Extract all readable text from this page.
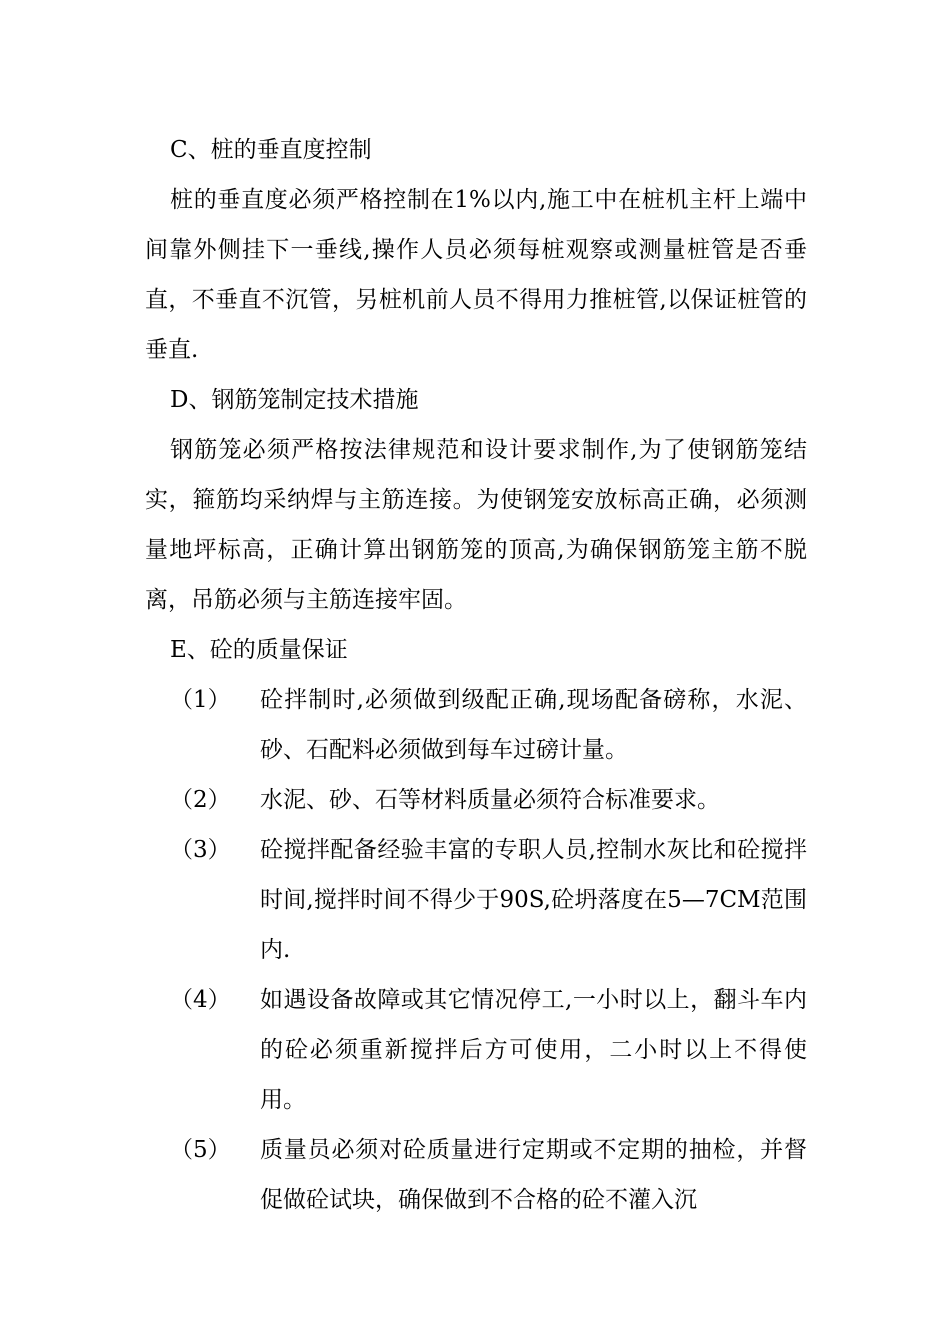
C、桩的垂直度控制

桩的垂直度必须严格控制在1%以内,施工中在桩机主杆上端中间靠外侧挂下一垂线,操作人员必须每桩观察或测量桩管是否垂直，不垂直不沉管，另桩机前人员不得用力推桩管,以保证桩管的垂直.

D、钢筋笼制定技术措施

钢筋笼必须严格按法律规范和设计要求制作,为了使钢筋笼结实，箍筋均采纳焊与主筋连接。为使钢笼安放标高正确，必须测量地坪标高，正确计算出钢筋笼的顶高,为确保钢筋笼主筋不脱离，吊筋必须与主筋连接牢固。

E、砼的质量保证

（1）	砼拌制时,必须做到级配正确,现场配备磅称，水泥、砂、石配料必须做到每车过磅计量。
（2）	水泥、砂、石等材料质量必须符合标准要求。
（3）	砼搅拌配备经验丰富的专职人员,控制水灰比和砼搅拌时间,搅拌时间不得少于90S,砼坍落度在5—7CM范围内.
（4）	如遇设备故障或其它情况停工,一小时以上，翻斗车内的砼必须重新搅拌后方可使用，二小时以上不得使用。
（5）	质量员必须对砼质量进行定期或不定期的抽检，并督促做砼试块，确保做到不合格的砼不灌入沉
